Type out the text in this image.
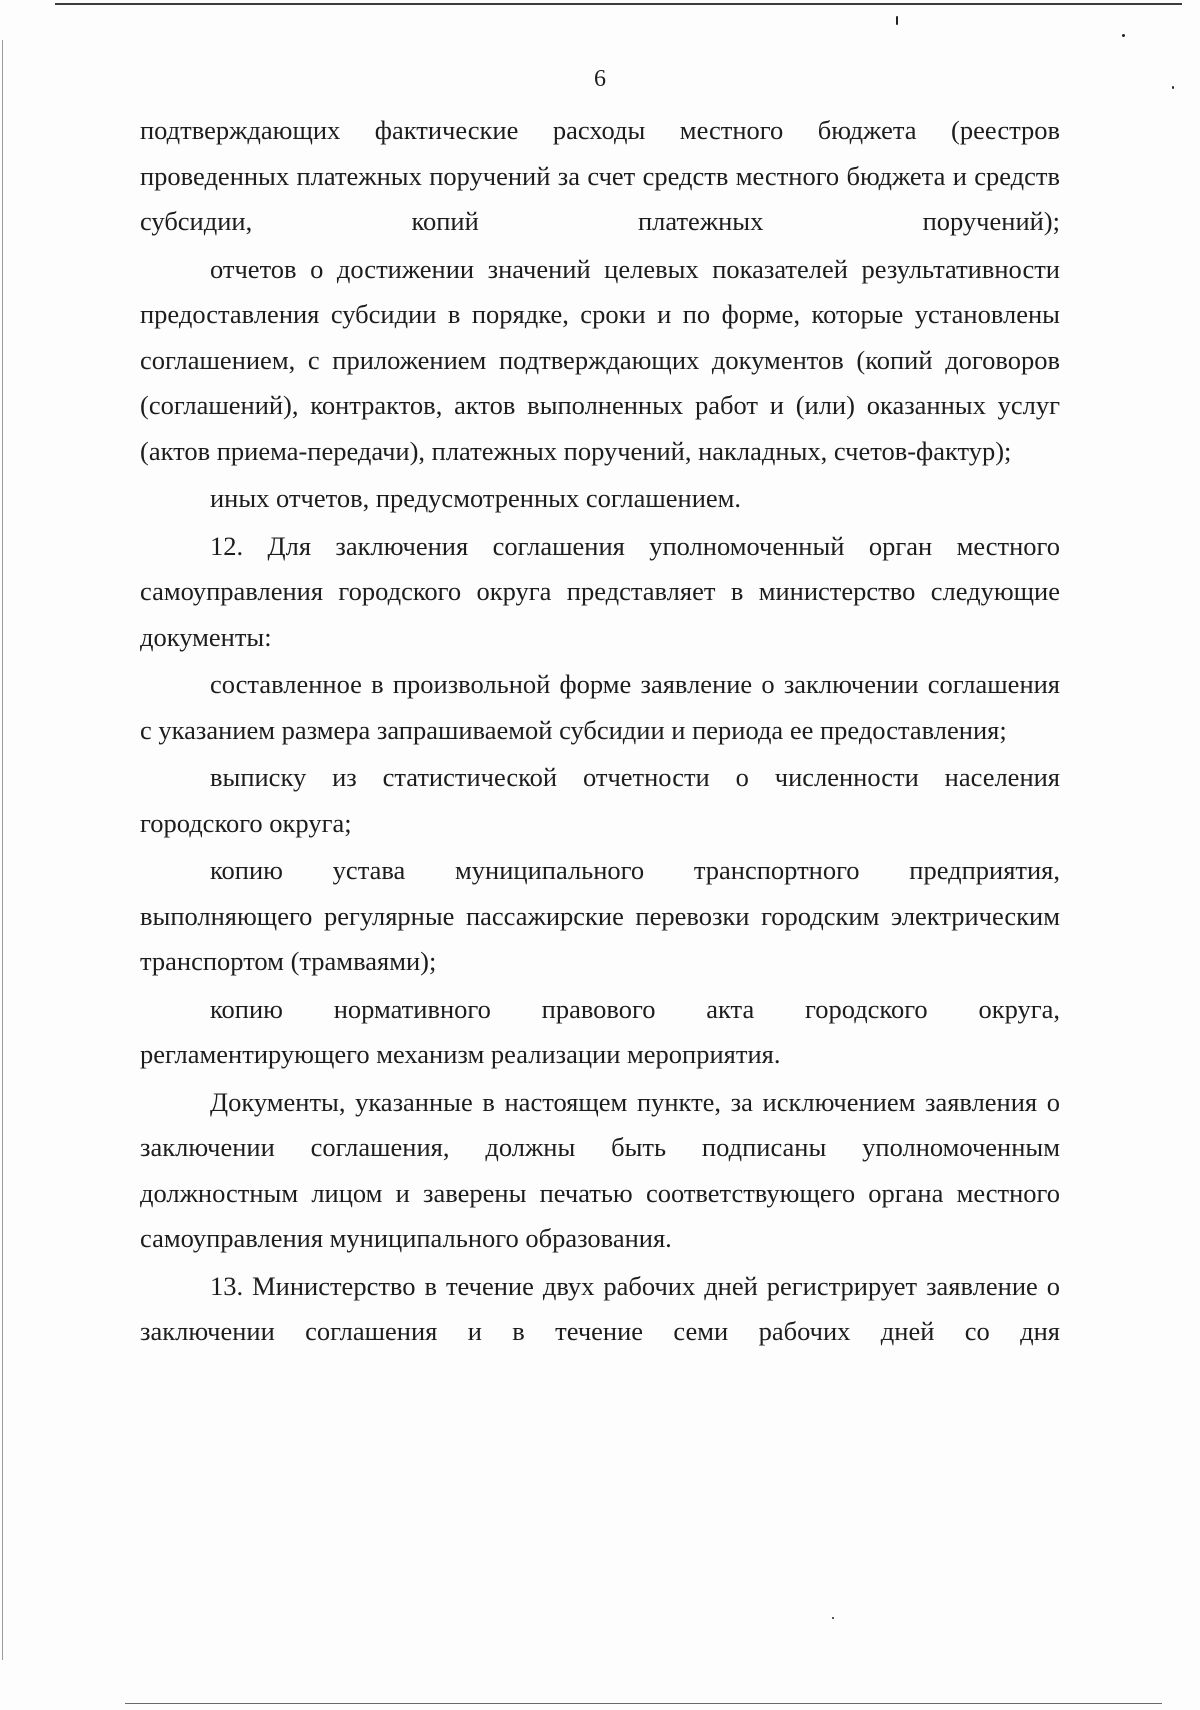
6

подтверждающих фактические расходы местного бюджета (реестров проведенных платежных поручений за счет средств местного бюджета и средств субсидии, копий платежных поручений);

отчетов о достижении значений целевых показателей результативности предоставления субсидии в порядке, сроки и по форме, которые установлены соглашением, с приложением подтверждающих документов (копий договоров (соглашений), контрактов, актов выполненных работ и (или) оказанных услуг (актов приема-передачи), платежных поручений, накладных, счетов-фактур);

иных отчетов, предусмотренных соглашением.

12. Для заключения соглашения уполномоченный орган местного самоуправления городского округа представляет в министерство следующие документы:

составленное в произвольной форме заявление о заключении соглашения с указанием размера запрашиваемой субсидии и периода ее предоставления;

выписку из статистической отчетности о численности населения городского округа;

копию устава муниципального транспортного предприятия, выполняющего регулярные пассажирские перевозки городским электрическим транспортом (трамваями);

копию нормативного правового акта городского округа, регламентирующего механизм реализации мероприятия.

Документы, указанные в настоящем пункте, за исключением заявления о заключении соглашения, должны быть подписаны уполномоченным должностным лицом и заверены печатью соответствующего органа местного самоуправления муниципального образования.

13. Министерство в течение двух рабочих дней регистрирует заявление о заключении соглашения и в течение семи рабочих дней со дня
